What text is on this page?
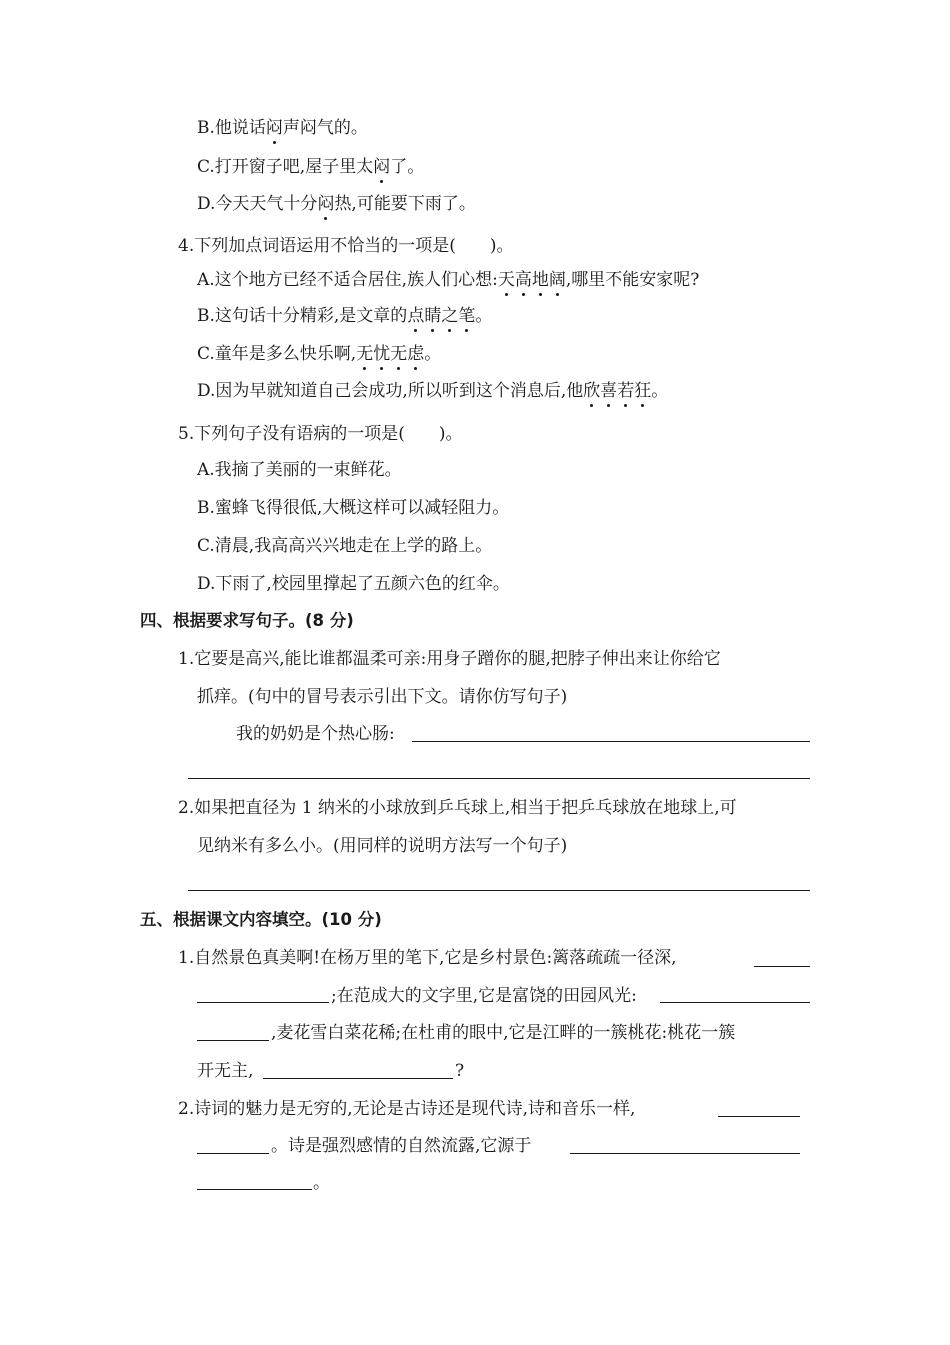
B.他说话闷声闷气的。
C.打开窗子吧,屋子里太闷了。
D.今天天气十分闷热,可能要下雨了。
4.下列加点词语运用不恰当的一项是(　　)。
A.这个地方已经不适合居住,族人们心想:天高地阔,哪里不能安家呢?
B.这句话十分精彩,是文章的点睛之笔。
C.童年是多么快乐啊,无忧无虑。
D.因为早就知道自己会成功,所以听到这个消息后,他欣喜若狂。
5.下列句子没有语病的一项是(　　)。
A.我摘了美丽的一束鲜花。
B.蜜蜂飞得很低,大概这样可以减轻阻力。
C.清晨,我高高兴兴地走在上学的路上。
D.下雨了,校园里撑起了五颜六色的红伞。
四、根据要求写句子。(8 分)
1.它要是高兴,能比谁都温柔可亲:用身子蹭你的腿,把脖子伸出来让你给它
抓痒。(句中的冒号表示引出下文。请你仿写句子)
我的奶奶是个热心肠:
2.如果把直径为 1 纳米的小球放到乒乓球上,相当于把乒乓球放在地球上,可
见纳米有多么小。(用同样的说明方法写一个句子)
五、根据课文内容填空。(10 分)
1.自然景色真美啊!在杨万里的笔下,它是乡村景色:篱落疏疏一径深,
;在范成大的文字里,它是富饶的田园风光:
,麦花雪白菜花稀;在杜甫的眼中,它是江畔的一簇桃花:桃花一簇
开无主,	?
2.诗词的魅力是无穷的,无论是古诗还是现代诗,诗和音乐一样,
。诗是强烈感情的自然流露,它源于
。
